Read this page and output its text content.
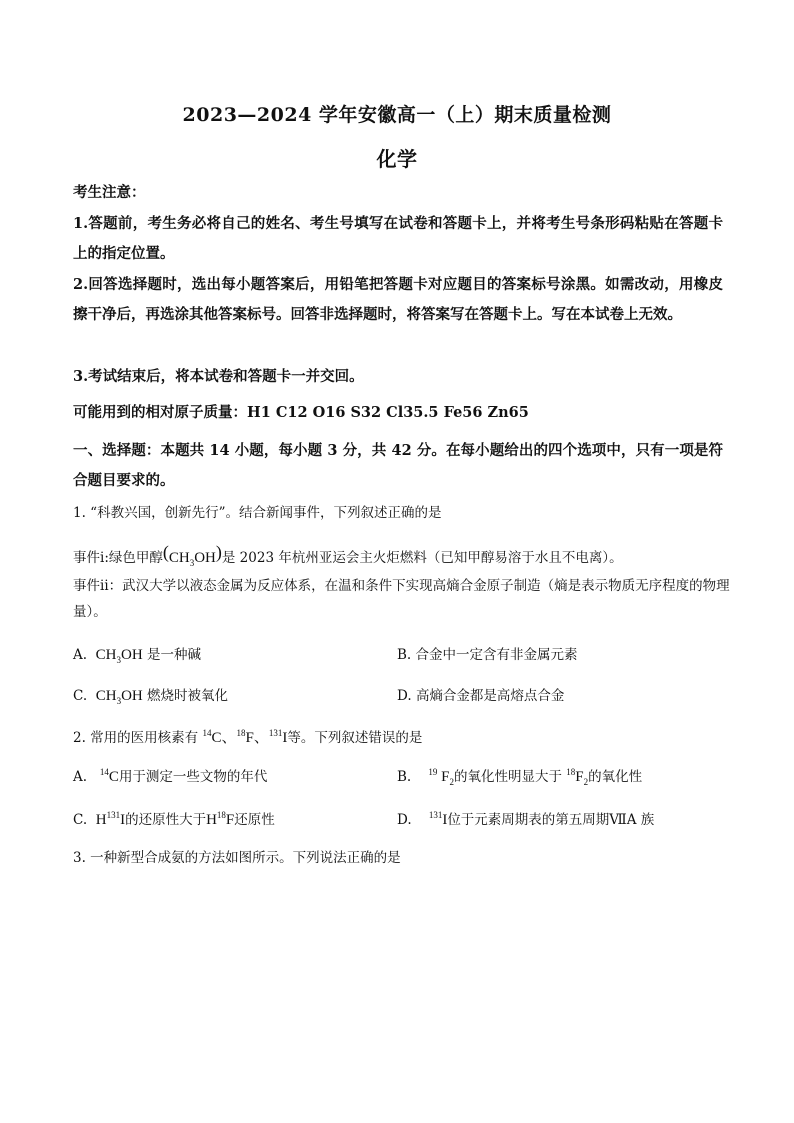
2023—2024 学年安徽高一（上）期末质量检测
化学
考生注意：
1.答题前，考生务必将自己的姓名、考生号填写在试卷和答题卡上，并将考生号条形码粘贴在答题卡上的指定位置。
2.回答选择题时，选出每小题答案后，用铅笔把答题卡对应题目的答案标号涂黑。如需改动，用橡皮擦干净后，再选涂其他答案标号。回答非选择题时，将答案写在答题卡上。写在本试卷上无效。
3.考试结束后，将本试卷和答题卡一并交回。
可能用到的相对原子质量：H1 C12 O16 S32 Cl35.5 Fe56 Zn65
一、选择题：本题共 14 小题，每小题 3 分，共 42 分。在每小题给出的四个选项中，只有一项是符合题目要求的。
1. “科教兴国，创新先行”。结合新闻事件，下列叙述正确的是
事件ⅰ:绿色甲醇$(CH_3OH)$是 2023 年杭州亚运会主火炬燃料（已知甲醇易溶于水且不电离）。
事件ⅱ：武汉大学以液态金属为反应体系，在温和条件下实现高熵合金原子制造（熵是表示物质无序程度的物理量）。
A. $CH_3OH$ 是一种碱	B. 合金中一定含有非金属元素
C. $CH_3OH$ 燃烧时被氧化	D. 高熵合金都是高熔点合金
2. 常用的医用核素有 $^{14}$C、$^{18}$F、$^{131}$I等。下列叙述错误的是
A. $^{14}$C用于测定一些文物的年代	B. $^{19}$ $F_2$的氧化性明显大于 $^{18}F_2$的氧化性
C. $H^{131}I$的还原性大于$H^{18}F$还原性	D. $^{131}$I位于元素周期表的第五周期ⅦA 族
3. 一种新型合成氨的方法如图所示。下列说法正确的是
